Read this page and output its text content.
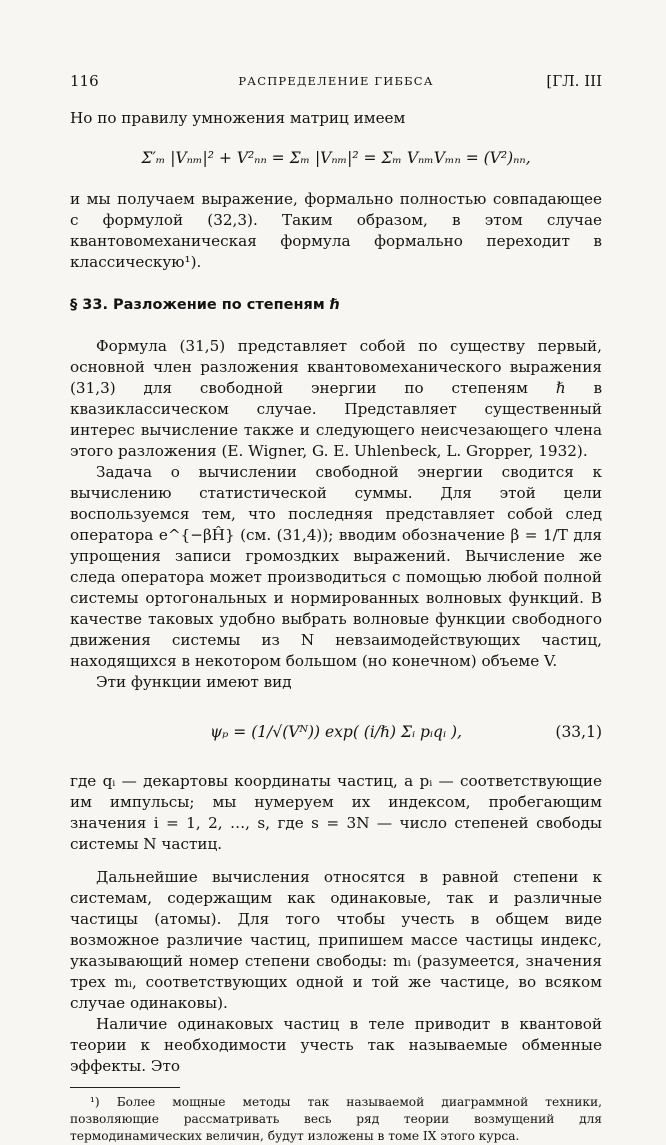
116	РАСПРЕДЕЛЕНИЕ ГИББСА	[ГЛ. III

Но по правилу умножения матриц имеем

Σ′ₘ |Vₙₘ|² + V²ₙₙ = Σₘ |Vₙₘ|² = Σₘ VₙₘVₘₙ = (V²)ₙₙ,

и мы получаем выражение, формально полностью совпадающее с формулой (32,3). Таким образом, в этом случае квантовомеханическая формула формально переходит в классическую¹).

§ 33. Разложение по степеням ℏ

Формула (31,5) представляет собой по существу первый, основной член разложения квантовомеханического выражения (31,3) для свободной энергии по степеням ℏ в квазиклассическом случае. Представляет существенный интерес вычисление также и следующего неисчезающего члена этого разложения (E. Wigner, G. E. Uhlenbeck, L. Gropper, 1932).

Задача о вычислении свободной энергии сводится к вычислению статистической суммы. Для этой цели воспользуемся тем, что последняя представляет собой след оператора e^{−βĤ} (см. (31,4)); вводим обозначение β = 1/T для упрощения записи громоздких выражений. Вычисление же следа оператора может производиться с помощью любой полной системы ортогональных и нормированных волновых функций. В качестве таковых удобно выбрать волновые функции свободного движения системы из N невзаимодействующих частиц, находящихся в некотором большом (но конечном) объеме V.

Эти функции имеют вид

ψₚ = (1/√(Vᴺ)) exp( (i/ℏ) Σᵢ pᵢqᵢ ),	(33,1)

где qᵢ — декартовы координаты частиц, а pᵢ — соответствующие им импульсы; мы нумеруем их индексом, пробегающим значения i = 1, 2, …, s, где s = 3N — число степеней свободы системы N частиц.

Дальнейшие вычисления относятся в равной степени к системам, содержащим как одинаковые, так и различные частицы (атомы). Для того чтобы учесть в общем виде возможное различие частиц, припишем массе частицы индекс, указывающий номер степени свободы: mᵢ (разумеется, значения трех mᵢ, соответствующих одной и той же частице, во всяком случае одинаковы).

Наличие одинаковых частиц в теле приводит в квантовой теории к необходимости учесть так называемые обменные эффекты. Это

¹) Более мощные методы так называемой диаграммной техники, позволяющие рассматривать весь ряд теории возмущений для термодинамических величин, будут изложены в томе IX этого курса.
